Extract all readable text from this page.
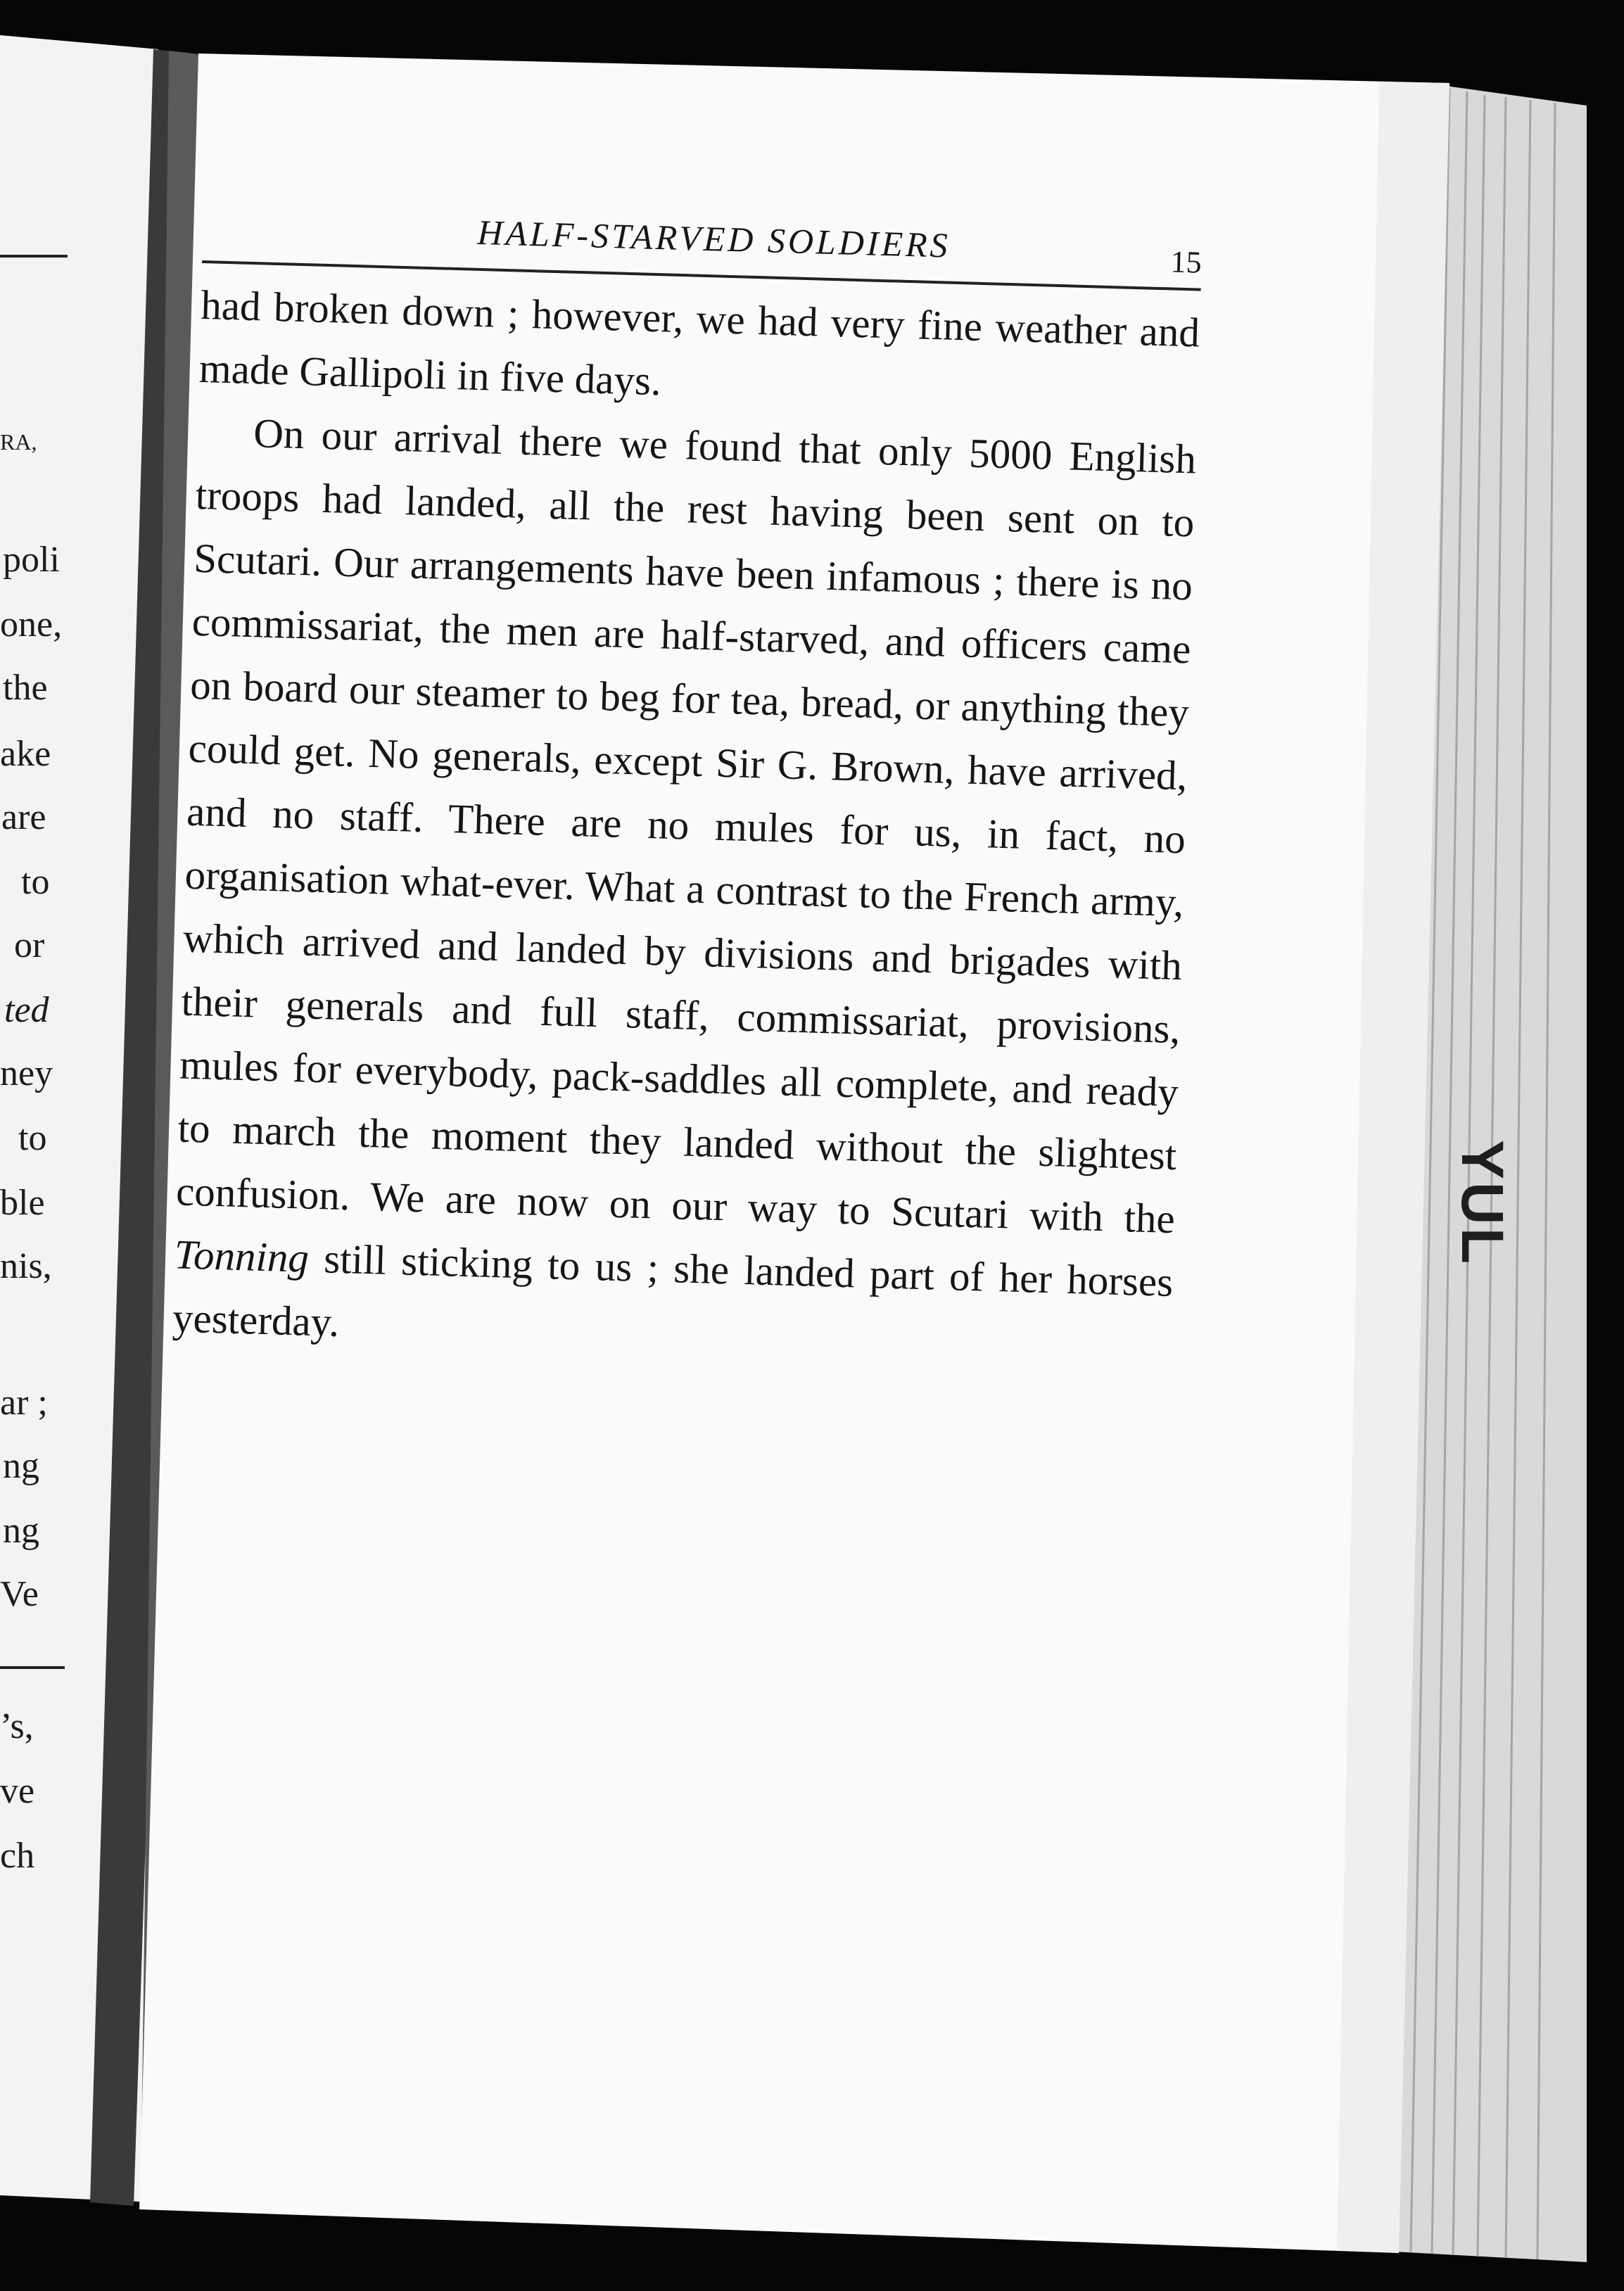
RA,
poli
one,
the
ake
are
to
or
ted
ney
to
ble
nis,
ar ;
ng
ng
Ve
’s,
ve
ch
HALF-STARVED SOLDIERS	15

had broken down ; however, we had very fine weather and made Gallipoli in five days.

On our arrival there we found that only 5000 English troops had landed, all the rest having been sent on to Scutari. Our arrangements have been infamous ; there is no commissariat, the men are half-starved, and officers came on board our steamer to beg for tea, bread, or anything they could get. No generals, except Sir G. Brown, have arrived, and no staff. There are no mules for us, in fact, no organisation what-ever. What a contrast to the French army, which arrived and landed by divisions and brigades with their generals and full staff, commissariat, provisions, mules for everybody, pack-saddles all complete, and ready to march the moment they landed without the slightest confusion. We are now on our way to Scutari with the Tonning still sticking to us ; she landed part of her horses yesterday.

YUL
